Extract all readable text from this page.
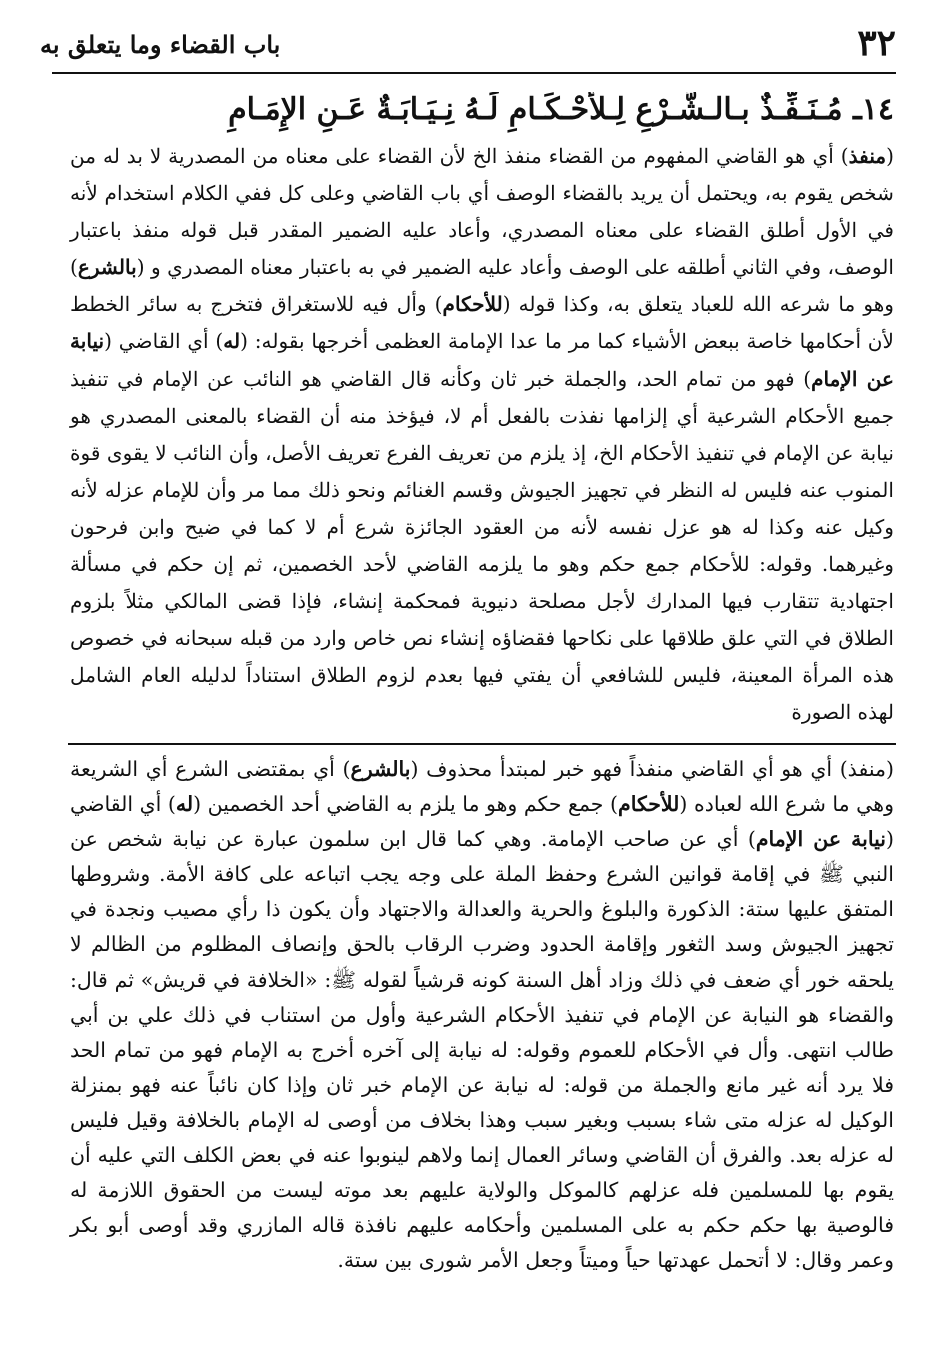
٣٢
باب القضاء وما يتعلق به
١٤ـ مُـنَـفِّـذٌ بـالـشَّـرْعِ لِـلأَحْـكَـامِ لَـهُ نِـيَـابَـةٌ عَـنِ الإِمَـامِ

(منفذ) أي هو القاضي المفهوم من القضاء منفذ الخ لأن القضاء على معناه من المصدرية لا بد له من شخص يقوم به، ويحتمل أن يريد بالقضاء الوصف أي باب القاضي وعلى كل ففي الكلام استخدام لأنه في الأول أطلق القضاء على معناه المصدري، وأعاد عليه الضمير المقدر قبل قوله منفذ باعتبار الوصف، وفي الثاني أطلقه على الوصف وأعاد عليه الضمير في به باعتبار معناه المصدري و (بالشرع) وهو ما شرعه الله للعباد يتعلق به، وكذا قوله (للأحكام) وأل فيه للاستغراق فتخرج به سائر الخطط لأن أحكامها خاصة ببعض الأشياء كما مر ما عدا الإمامة العظمى أخرجها بقوله: (له) أي القاضي (نيابة عن الإمام) فهو من تمام الحد، والجملة خبر ثان وكأنه قال القاضي هو النائب عن الإمام في تنفيذ جميع الأحكام الشرعية أي إلزامها نفذت بالفعل أم لا، فيؤخذ منه أن القضاء بالمعنى المصدري هو نيابة عن الإمام في تنفيذ الأحكام الخ، إذ يلزم من تعريف الفرع تعريف الأصل، وأن النائب لا يقوى قوة المنوب عنه فليس له النظر في تجهيز الجيوش وقسم الغنائم ونحو ذلك مما مر وأن للإمام عزله لأنه وكيل عنه وكذا له هو عزل نفسه لأنه من العقود الجائزة شرع أم لا كما في ضيح وابن فرحون وغيرهما. وقوله: للأحكام جمع حكم وهو ما يلزمه القاضي لأحد الخصمين، ثم إن حكم في مسألة اجتهادية تتقارب فيها المدارك لأجل مصلحة دنيوية فمحكمة إنشاء، فإذا قضى المالكي مثلاً بلزوم الطلاق في التي علق طلاقها على نكاحها فقضاؤه إنشاء نص خاص وارد من قبله سبحانه في خصوص هذه المرأة المعينة، فليس للشافعي أن يفتي فيها بعدم لزوم الطلاق استناداً لدليله العام الشامل لهذه الصورة

(منفذ) أي هو أي القاضي منفذاً فهو خبر لمبتدأ محذوف (بالشرع) أي بمقتضى الشرع أي الشريعة وهي ما شرع الله لعباده (للأحكام) جمع حكم وهو ما يلزم به القاضي أحد الخصمين (له) أي القاضي (نيابة عن الإمام) أي عن صاحب الإمامة. وهي كما قال ابن سلمون عبارة عن نيابة شخص عن النبي ﷺ في إقامة قوانين الشرع وحفظ الملة على وجه يجب اتباعه على كافة الأمة. وشروطها المتفق عليها ستة: الذكورة والبلوغ والحرية والعدالة والاجتهاد وأن يكون ذا رأي مصيب ونجدة في تجهيز الجيوش وسد الثغور وإقامة الحدود وضرب الرقاب بالحق وإنصاف المظلوم من الظالم لا يلحقه خور أي ضعف في ذلك وزاد أهل السنة كونه قرشياً لقوله ﷺ: «الخلافة في قريش» ثم قال: والقضاء هو النيابة عن الإمام في تنفيذ الأحكام الشرعية وأول من استناب في ذلك علي بن أبي طالب انتهى. وأل في الأحكام للعموم وقوله: له نيابة إلى آخره أخرج به الإمام فهو من تمام الحد فلا يرد أنه غير مانع والجملة من قوله: له نيابة عن الإمام خبر ثان وإذا كان نائباً عنه فهو بمنزلة الوكيل له عزله متى شاء بسبب وبغير سبب وهذا بخلاف من أوصى له الإمام بالخلافة وقيل فليس له عزله بعد. والفرق أن القاضي وسائر العمال إنما ولاهم لينوبوا عنه في بعض الكلف التي عليه أن يقوم بها للمسلمين فله عزلهم كالموكل والولاية عليهم بعد موته ليست من الحقوق اللازمة له فالوصية بها حكم حكم به على المسلمين وأحكامه عليهم نافذة قاله المازري وقد أوصى أبو بكر وعمر وقال: لا أتحمل عهدتها حياً وميتاً وجعل الأمر شورى بين ستة.
